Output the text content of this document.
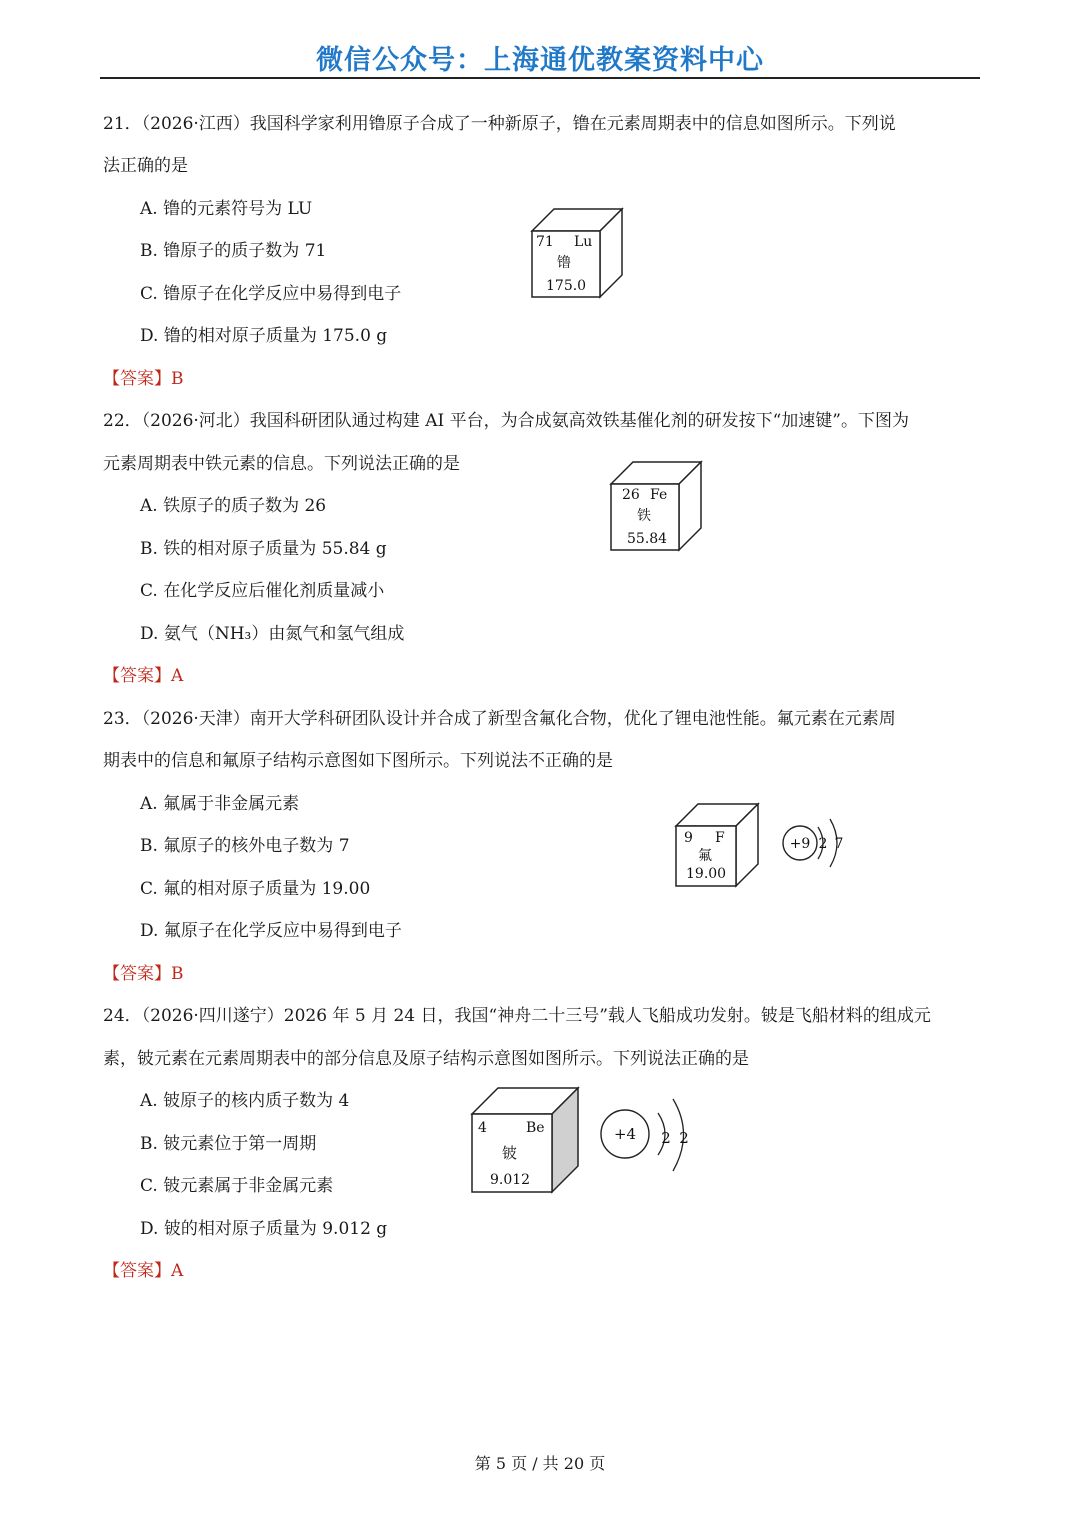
微信公众号：上海通优教案资料中心
21．（2026·江西）我国科学家利用镥原子合成了一种新原子，镥在元素周期表中的信息如图所示。下列说
法正确的是
A. 镥的元素符号为 LU
B. 镥原子的质子数为 71
C. 镥原子在化学反应中易得到电子
D. 镥的相对原子质量为 175.0 g
【答案】B
71 Lu
镥
175.0
22．（2026·河北）我国科研团队通过构建 AI 平台，为合成氨高效铁基催化剂的研发按下“加速键”。下图为
元素周期表中铁元素的信息。下列说法正确的是
A. 铁原子的质子数为 26
B. 铁的相对原子质量为 55.84 g
C. 在化学反应后催化剂质量减小
D. 氨气（NH₃）由氮气和氢气组成
【答案】A
26 Fe
铁
55.84
23．（2026·天津）南开大学科研团队设计并合成了新型含氟化合物，优化了锂电池性能。氟元素在元素周
期表中的信息和氟原子结构示意图如下图所示。下列说法不正确的是
A. 氟属于非金属元素
B. 氟原子的核外电子数为 7
C. 氟的相对原子质量为 19.00
D. 氟原子在化学反应中易得到电子
【答案】B
9 F
氟
19.00
+9 2 7
24．（2026·四川遂宁）2026 年 5 月 24 日，我国“神舟二十三号”载人飞船成功发射。铍是飞船材料的组成元
素，铍元素在元素周期表中的部分信息及原子结构示意图如图所示。下列说法正确的是
A. 铍原子的核内质子数为 4
B. 铍元素位于第一周期
C. 铍元素属于非金属元素
D. 铍的相对原子质量为 9.012 g
【答案】A
4	Be
铍
9.012
+4 2 2
第 5 页 / 共 20 页
